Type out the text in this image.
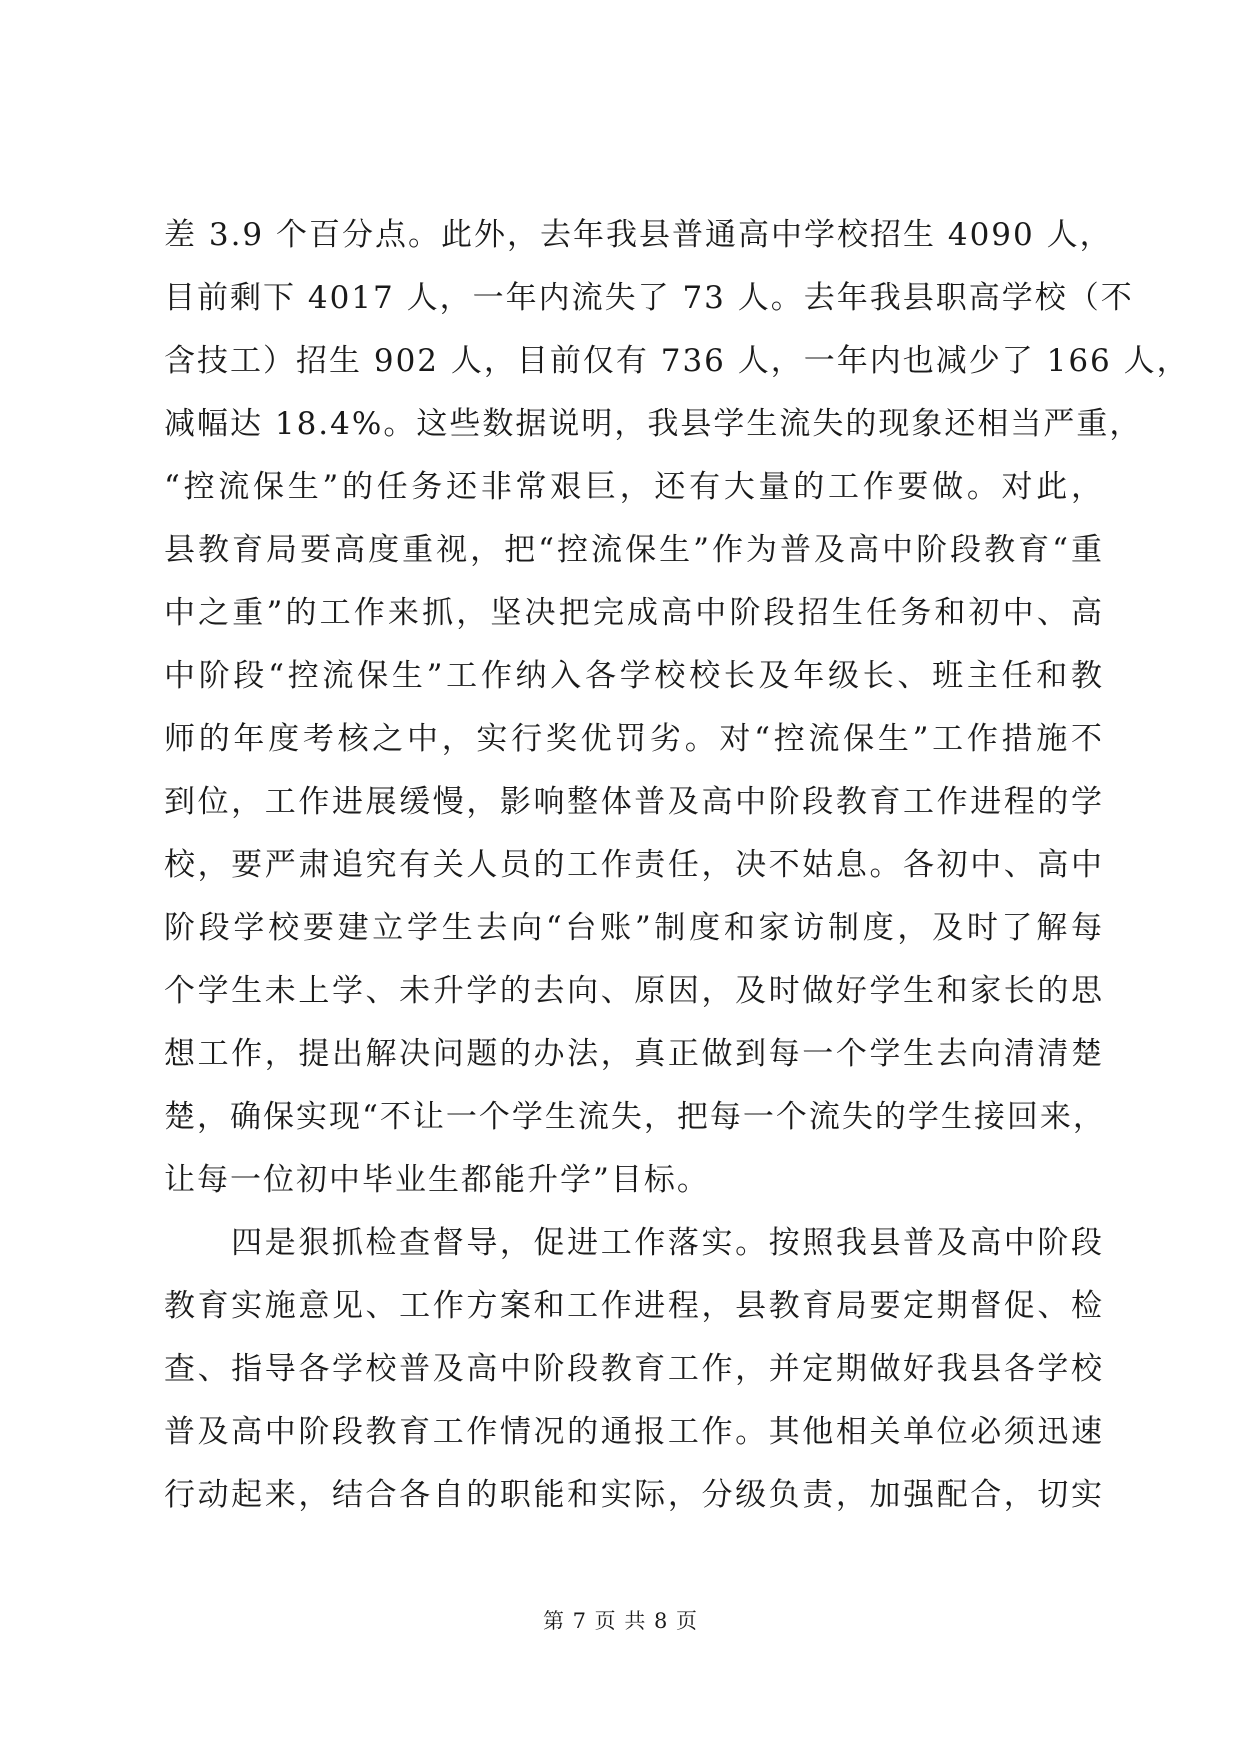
差 3.9 个百分点。此外，去年我县普通高中学校招生 4090 人，
目前剩下 4017 人，一年内流失了 73 人。去年我县职高学校（不
含技工）招生 902 人，目前仅有 736 人，一年内也减少了 166 人，
减幅达 18.4%。这些数据说明，我县学生流失的现象还相当严重，
“控流保生”的任务还非常艰巨，还有大量的工作要做。对此，
县教育局要高度重视，把“控流保生”作为普及高中阶段教育“重
中之重”的工作来抓，坚决把完成高中阶段招生任务和初中、高
中阶段“控流保生”工作纳入各学校校长及年级长、班主任和教
师的年度考核之中，实行奖优罚劣。对“控流保生”工作措施不
到位，工作进展缓慢，影响整体普及高中阶段教育工作进程的学
校，要严肃追究有关人员的工作责任，决不姑息。各初中、高中
阶段学校要建立学生去向“台账”制度和家访制度，及时了解每
个学生未上学、未升学的去向、原因，及时做好学生和家长的思
想工作，提出解决问题的办法，真正做到每一个学生去向清清楚
楚，确保实现“不让一个学生流失，把每一个流失的学生接回来，
让每一位初中毕业生都能升学”目标。
　　四是狠抓检查督导，促进工作落实。按照我县普及高中阶段
教育实施意见、工作方案和工作进程，县教育局要定期督促、检
查、指导各学校普及高中阶段教育工作，并定期做好我县各学校
普及高中阶段教育工作情况的通报工作。其他相关单位必须迅速
行动起来，结合各自的职能和实际，分级负责，加强配合，切实
第 7 页 共 8 页
